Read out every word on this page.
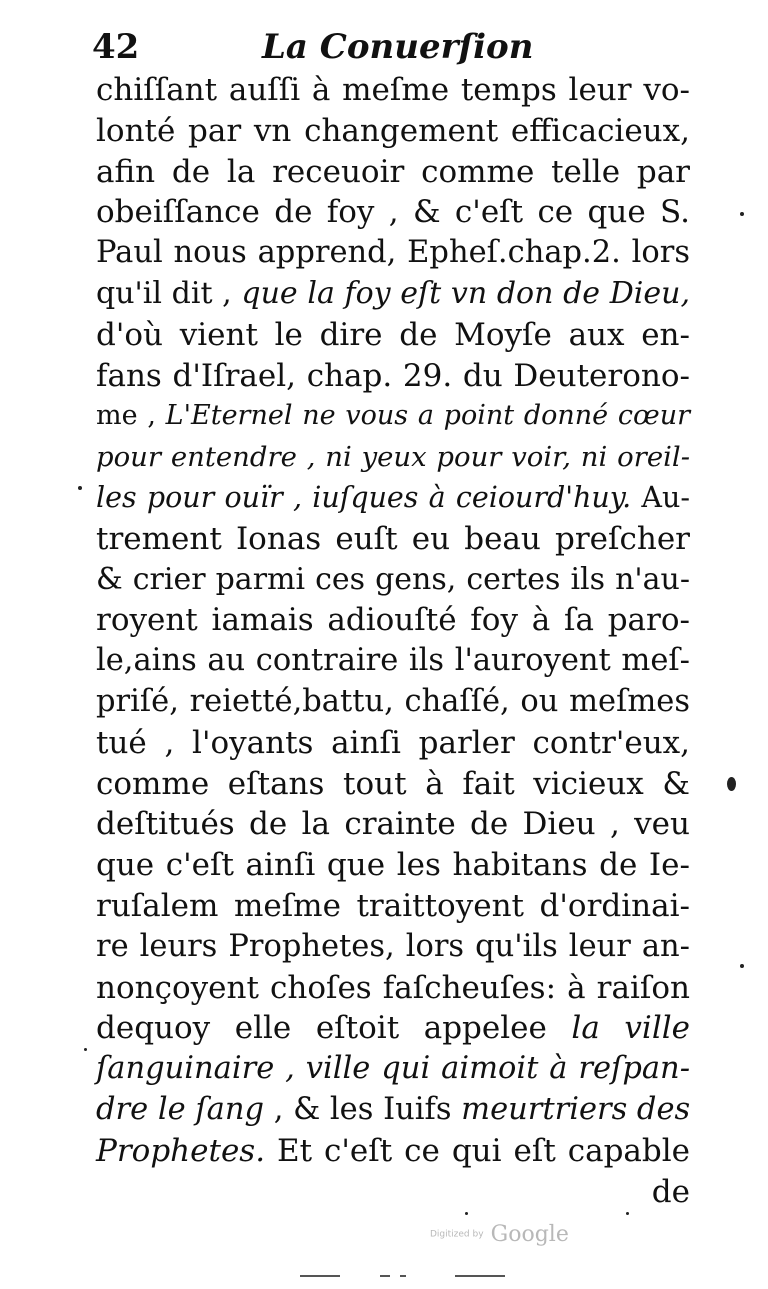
42	La Conuerſion
chiſſant auſſi à meſme temps leur vo-
lonté par vn changement efficacieux,
afin de la receuoir comme telle par
obeiſſance de foy , & c'eſt ce que S.
Paul nous apprend, Epheſ.chap.2. lors
qu'il dit , que la foy eſt vn don de Dieu,
d'où vient le dire de Moyſe aux en-
fans d'Iſrael, chap. 29. du Deuterono-
me , L'Eternel ne vous a point donné cœur
pour entendre , ni yeux pour voir, ni oreil-
les pour ouïr , iuſques à ceiourd'huy. Au-
trement Ionas euſt eu beau preſcher
& crier parmi ces gens, certes ils n'au-
royent iamais adiouſté foy à ſa paro-
le,ains au contraire ils l'auroyent meſ-
priſé, reietté,battu, chaſſé, ou meſmes
tué , l'oyants ainſi parler contr'eux,
comme eſtans tout à fait vicieux &
deſtitués de la crainte de Dieu , veu
que c'eſt ainſi que les habitans de Ie-
ruſalem meſme traittoyent d'ordinai-
re leurs Prophetes, lors qu'ils leur an-
nonçoyent choſes faſcheuſes: à raiſon
dequoy elle eſtoit appelee la ville
ſanguinaire , ville qui aimoit à reſpan-
dre le ſang , & les Iuifs meurtriers des
Prophetes. Et c'eſt ce qui eſt capable
de
Digitized by Google
